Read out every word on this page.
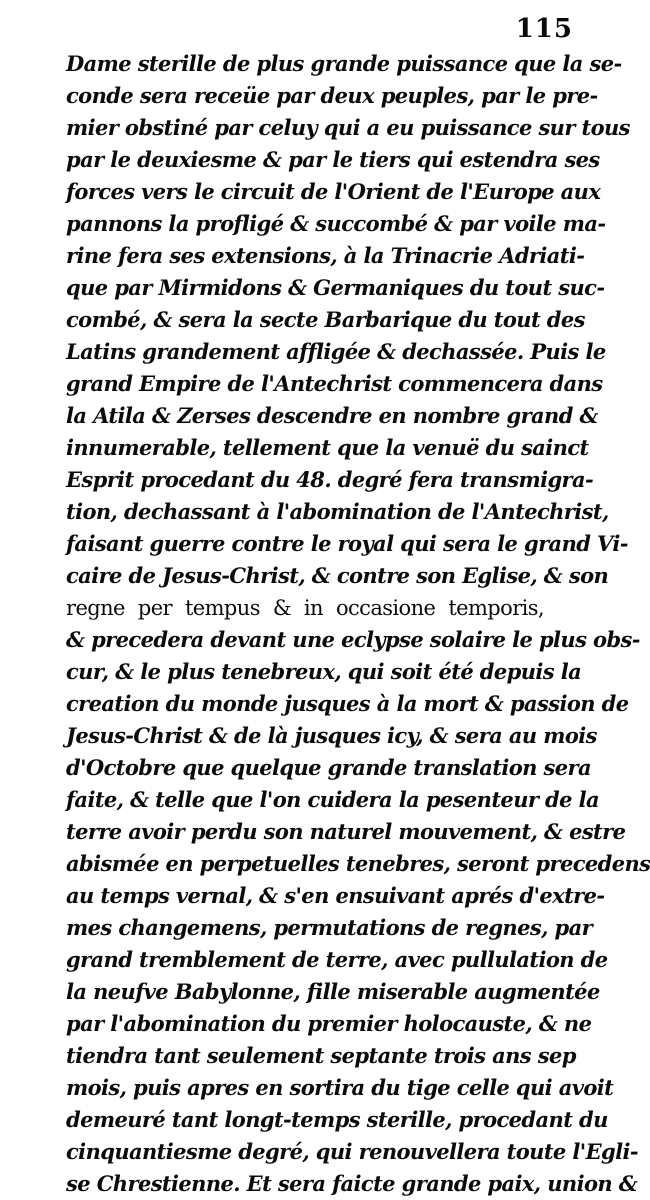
115
Dame sterille de plus grande puissance que la se-
conde sera receüe par deux peuples, par le pre-
mier obstiné par celuy qui a eu puissance sur tous
par le deuxiesme & par le tiers qui estendra ses
forces vers le circuit de l'Orient de l'Europe aux
pannons la profligé & succombé & par voile ma-
rine fera ses extensions, à la Trinacrie Adriati-
que par Mirmidons & Germaniques du tout suc-
combé, & sera la secte Barbarique du tout des
Latins grandement affligée & dechassée. Puis le
grand Empire de l'Antechrist commencera dans
la Atila & Zerses descendre en nombre grand &
innumerable, tellement que la venuë du sainct
Esprit procedant du 48. degré fera transmigra-
tion, dechassant à l'abomination de l'Antechrist,
faisant guerre contre le royal qui sera le grand Vi-
caire de Jesus-Christ, & contre son Eglise, & son
regne per tempus & in occasione temporis,
& precedera devant une eclypse solaire le plus obs-
cur, & le plus tenebreux, qui soit été depuis la
creation du monde jusques à la mort & passion de
Jesus-Christ & de là jusques icy, & sera au mois
d'Octobre que quelque grande translation sera
faite, & telle que l'on cuidera la pesenteur de la
terre avoir perdu son naturel mouvement, & estre
abismée en perpetuelles tenebres, seront precedens
au temps vernal, & s'en ensuivant aprés d'extre-
mes changemens, permutations de regnes, par
grand tremblement de terre, avec pullulation de
la neufve Babylonne, fille miserable augmentée
par l'abomination du premier holocauste, & ne
tiendra tant seulement septante trois ans sep
mois, puis apres en sortira du tige celle qui avoit
demeuré tant longt-temps sterille, procedant du
cinquantiesme degré, qui renouvellera toute l'Egli-
se Chrestienne. Et sera faicte grande paix, union &
